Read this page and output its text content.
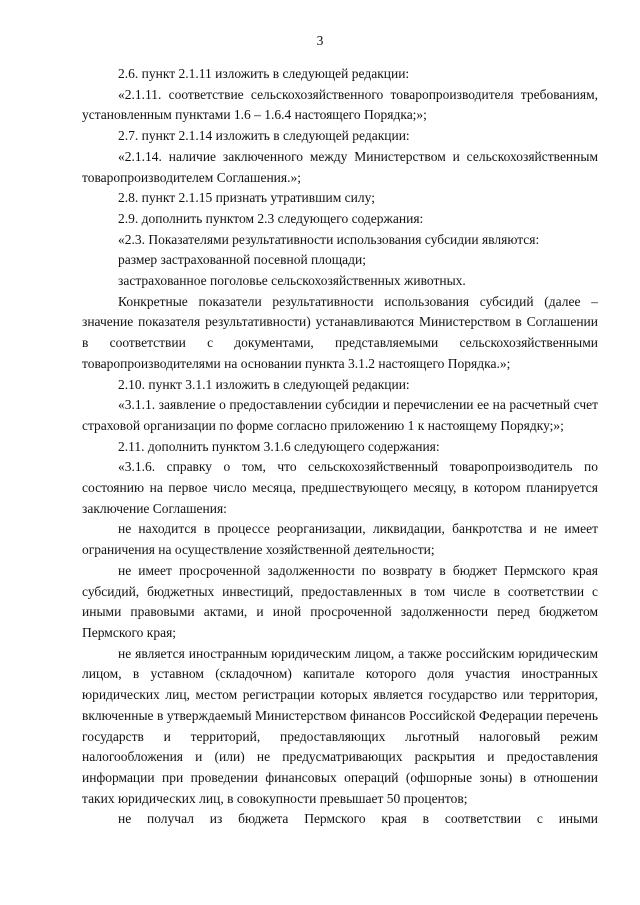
3

2.6. пункт 2.1.11 изложить в следующей редакции:

«2.1.11. соответствие сельскохозяйственного товаропроизводителя требованиям, установленным пунктами 1.6 – 1.6.4 настоящего Порядка;»;

2.7. пункт 2.1.14 изложить в следующей редакции:

«2.1.14. наличие заключенного между Министерством и сельскохозяйственным товаропроизводителем Соглашения.»;

2.8. пункт 2.1.15 признать утратившим силу;

2.9. дополнить пунктом 2.3 следующего содержания:

«2.3. Показателями результативности использования субсидии являются:

размер застрахованной посевной площади;

застрахованное поголовье сельскохозяйственных животных.

Конкретные показатели результативности использования субсидий (далее – значение показателя результативности) устанавливаются Министерством в Соглашении в соответствии с документами, представляемыми сельскохозяйственными товаропроизводителями на основании пункта 3.1.2 настоящего Порядка.»;

2.10. пункт 3.1.1 изложить в следующей редакции:

«3.1.1. заявление о предоставлении субсидии и перечислении ее на расчетный счет страховой организации по форме согласно приложению 1 к настоящему Порядку;»;

2.11. дополнить пунктом 3.1.6 следующего содержания:

«3.1.6. справку о том, что сельскохозяйственный товаропроизводитель по состоянию на первое число месяца, предшествующего месяцу, в котором планируется заключение Соглашения:

не находится в процессе реорганизации, ликвидации, банкротства и не имеет ограничения на осуществление хозяйственной деятельности;

не имеет просроченной задолженности по возврату в бюджет Пермского края субсидий, бюджетных инвестиций, предоставленных в том числе в соответствии с иными правовыми актами, и иной просроченной задолженности перед бюджетом Пермского края;

не является иностранным юридическим лицом, а также российским юридическим лицом, в уставном (складочном) капитале которого доля участия иностранных юридических лиц, местом регистрации которых является государство или территория, включенные в утверждаемый Министерством финансов Российской Федерации перечень государств и территорий, предоставляющих льготный налоговый режим налогообложения и (или) не предусматривающих раскрытия и предоставления информации при проведении финансовых операций (офшорные зоны) в отношении таких юридических лиц, в совокупности превышает 50 процентов;

не получал из бюджета Пермского края в соответствии с иными
